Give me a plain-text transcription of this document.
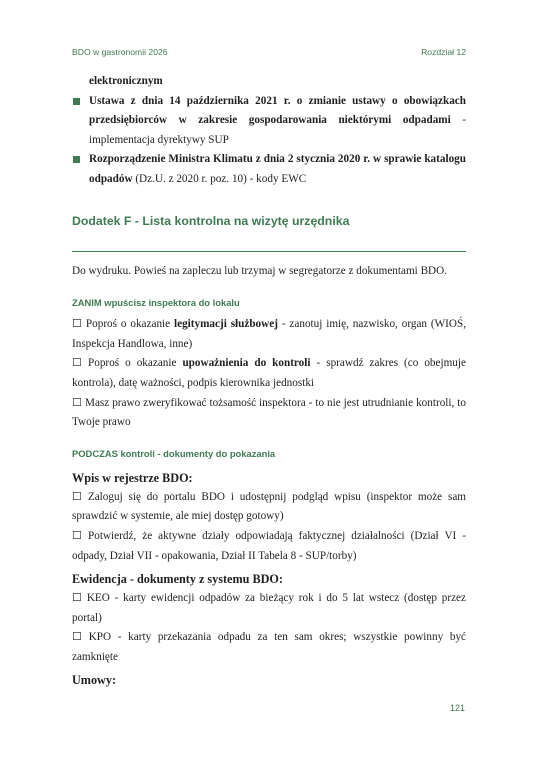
BDO w gastronomii 2026	Rozdział 12

elektronicznym

Ustawa z dnia 14 października 2021 r. o zmianie ustawy o obowiązkach przedsiębiorców w zakresie gospodarowania niektórymi odpadami - implementacja dyrektywy SUP

Rozporządzenie Ministra Klimatu z dnia 2 stycznia 2020 r. w sprawie katalogu odpadów (Dz.U. z 2020 r. poz. 10) - kody EWC

Dodatek F - Lista kontrolna na wizytę urzędnika

Do wydruku. Powieś na zapleczu lub trzymaj w segregatorze z dokumentami BDO.

ZANIM wpuścisz inspektora do lokalu

☐ Poproś o okazanie legitymacji służbowej - zanotuj imię, nazwisko, organ (WIOŚ, Inspekcja Handlowa, inne)

☐ Poproś o okazanie upoważnienia do kontroli - sprawdź zakres (co obejmuje kontrola), datę ważności, podpis kierownika jednostki

☐ Masz prawo zweryfikować tożsamość inspektora - to nie jest utrudnianie kontroli, to Twoje prawo

PODCZAS kontroli - dokumenty do pokazania
Wpis w rejestrze BDO:

☐ Zaloguj się do portalu BDO i udostępnij podgląd wpisu (inspektor może sam sprawdzić w systemie, ale miej dostęp gotowy)

☐ Potwierdź, że aktywne działy odpowiadają faktycznej działalności (Dział VI - odpady, Dział VII - opakowania, Dział II Tabela 8 - SUP/torby)

Ewidencja - dokumenty z systemu BDO:

☐ KEO - karty ewidencji odpadów za bieżący rok i do 5 lat wstecz (dostęp przez portal)

☐ KPO - karty przekazania odpadu za ten sam okres; wszystkie powinny być zamknięte

Umowy:
121
